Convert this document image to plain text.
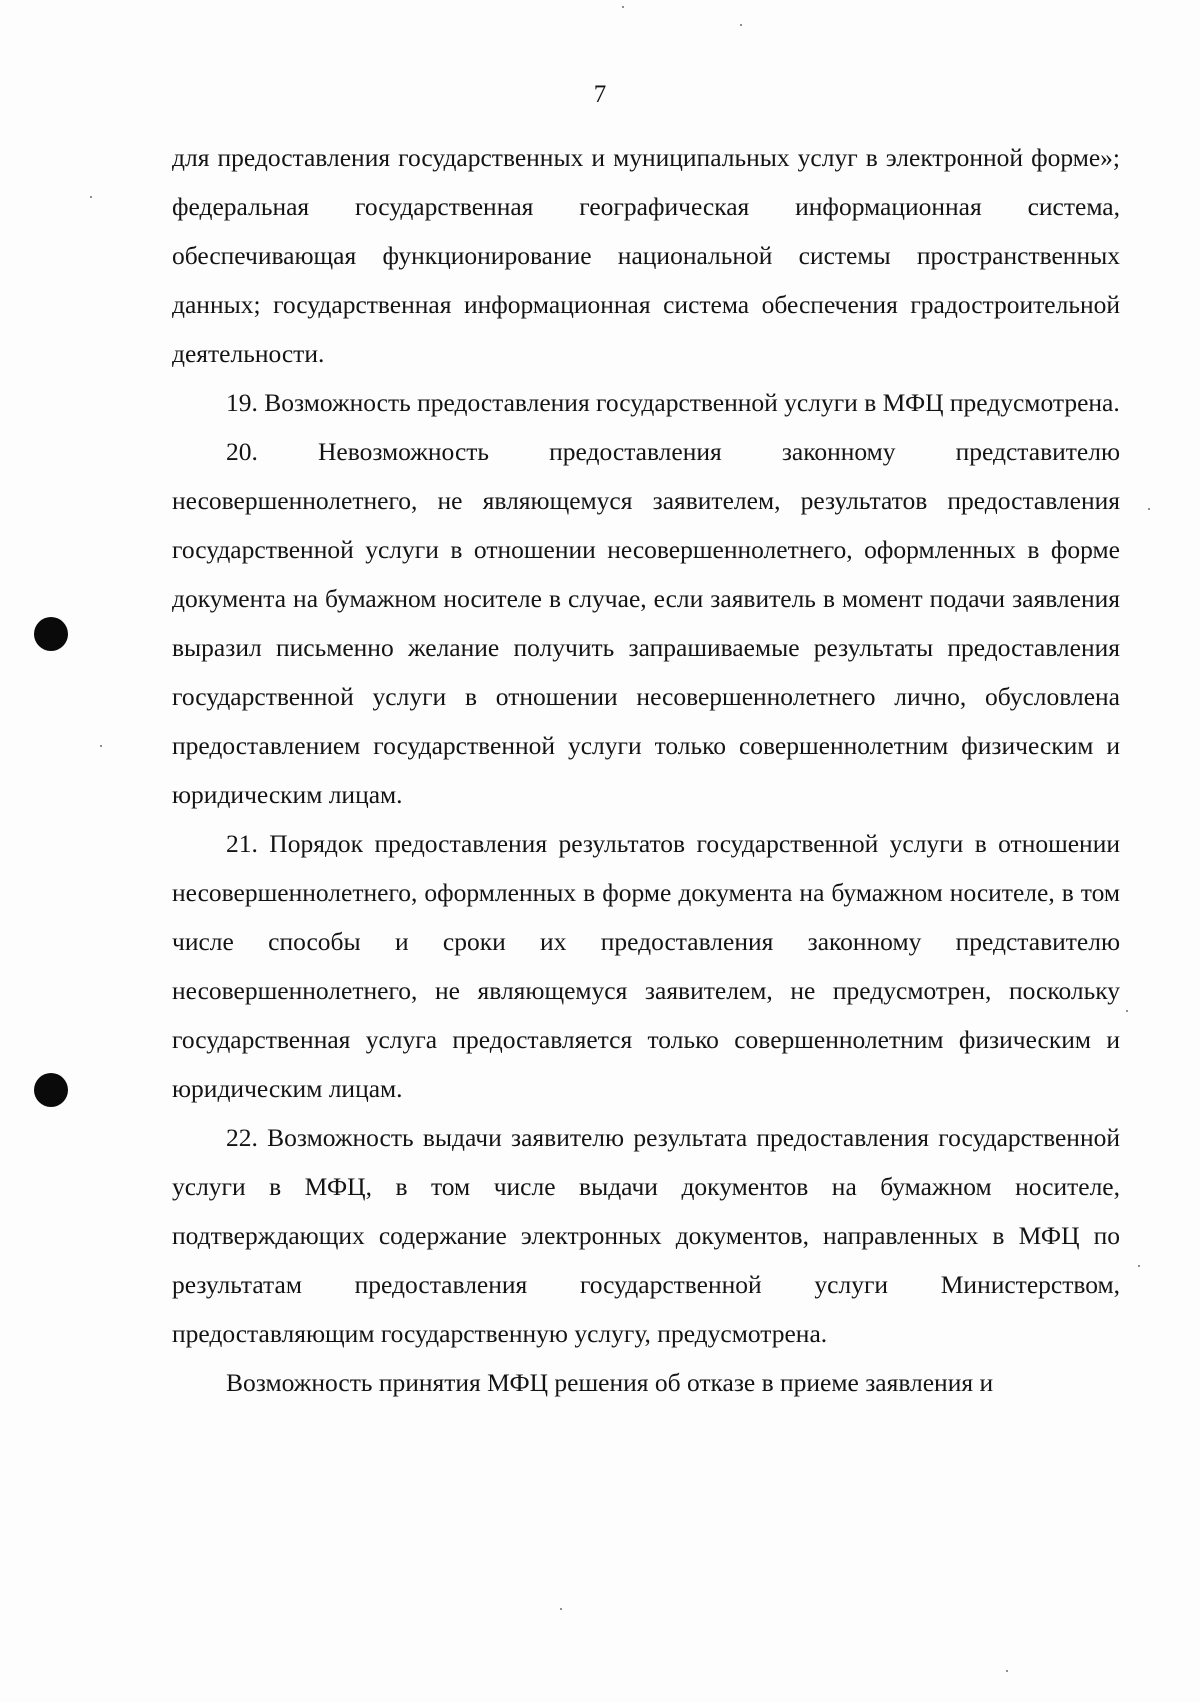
7

для предоставления государственных и муниципальных услуг в электронной форме»; федеральная государственная географическая информационная система, обеспечивающая функционирование национальной системы пространственных данных; государственная информационная система обеспечения градостроительной деятельности.

19. Возможность предоставления государственной услуги в МФЦ предусмотрена.

20. Невозможность предоставления законному представителю несовершеннолетнего, не являющемуся заявителем, результатов предоставления государственной услуги в отношении несовершеннолетнего, оформленных в форме документа на бумажном носителе в случае, если заявитель в момент подачи заявления выразил письменно желание получить запрашиваемые результаты предоставления государственной услуги в отношении несовершеннолетнего лично, обусловлена предоставлением государственной услуги только совершеннолетним физическим и юридическим лицам.

21. Порядок предоставления результатов государственной услуги в отношении несовершеннолетнего, оформленных в форме документа на бумажном носителе, в том числе способы и сроки их предоставления законному представителю несовершеннолетнего, не являющемуся заявителем, не предусмотрен, поскольку государственная услуга предоставляется только совершеннолетним физическим и юридическим лицам.

22. Возможность выдачи заявителю результата предоставления государственной услуги в МФЦ, в том числе выдачи документов на бумажном носителе, подтверждающих содержание электронных документов, направленных в МФЦ по результатам предоставления государственной услуги Министерством, предоставляющим государственную услугу, предусмотрена.

Возможность принятия МФЦ решения об отказе в приеме заявления и
